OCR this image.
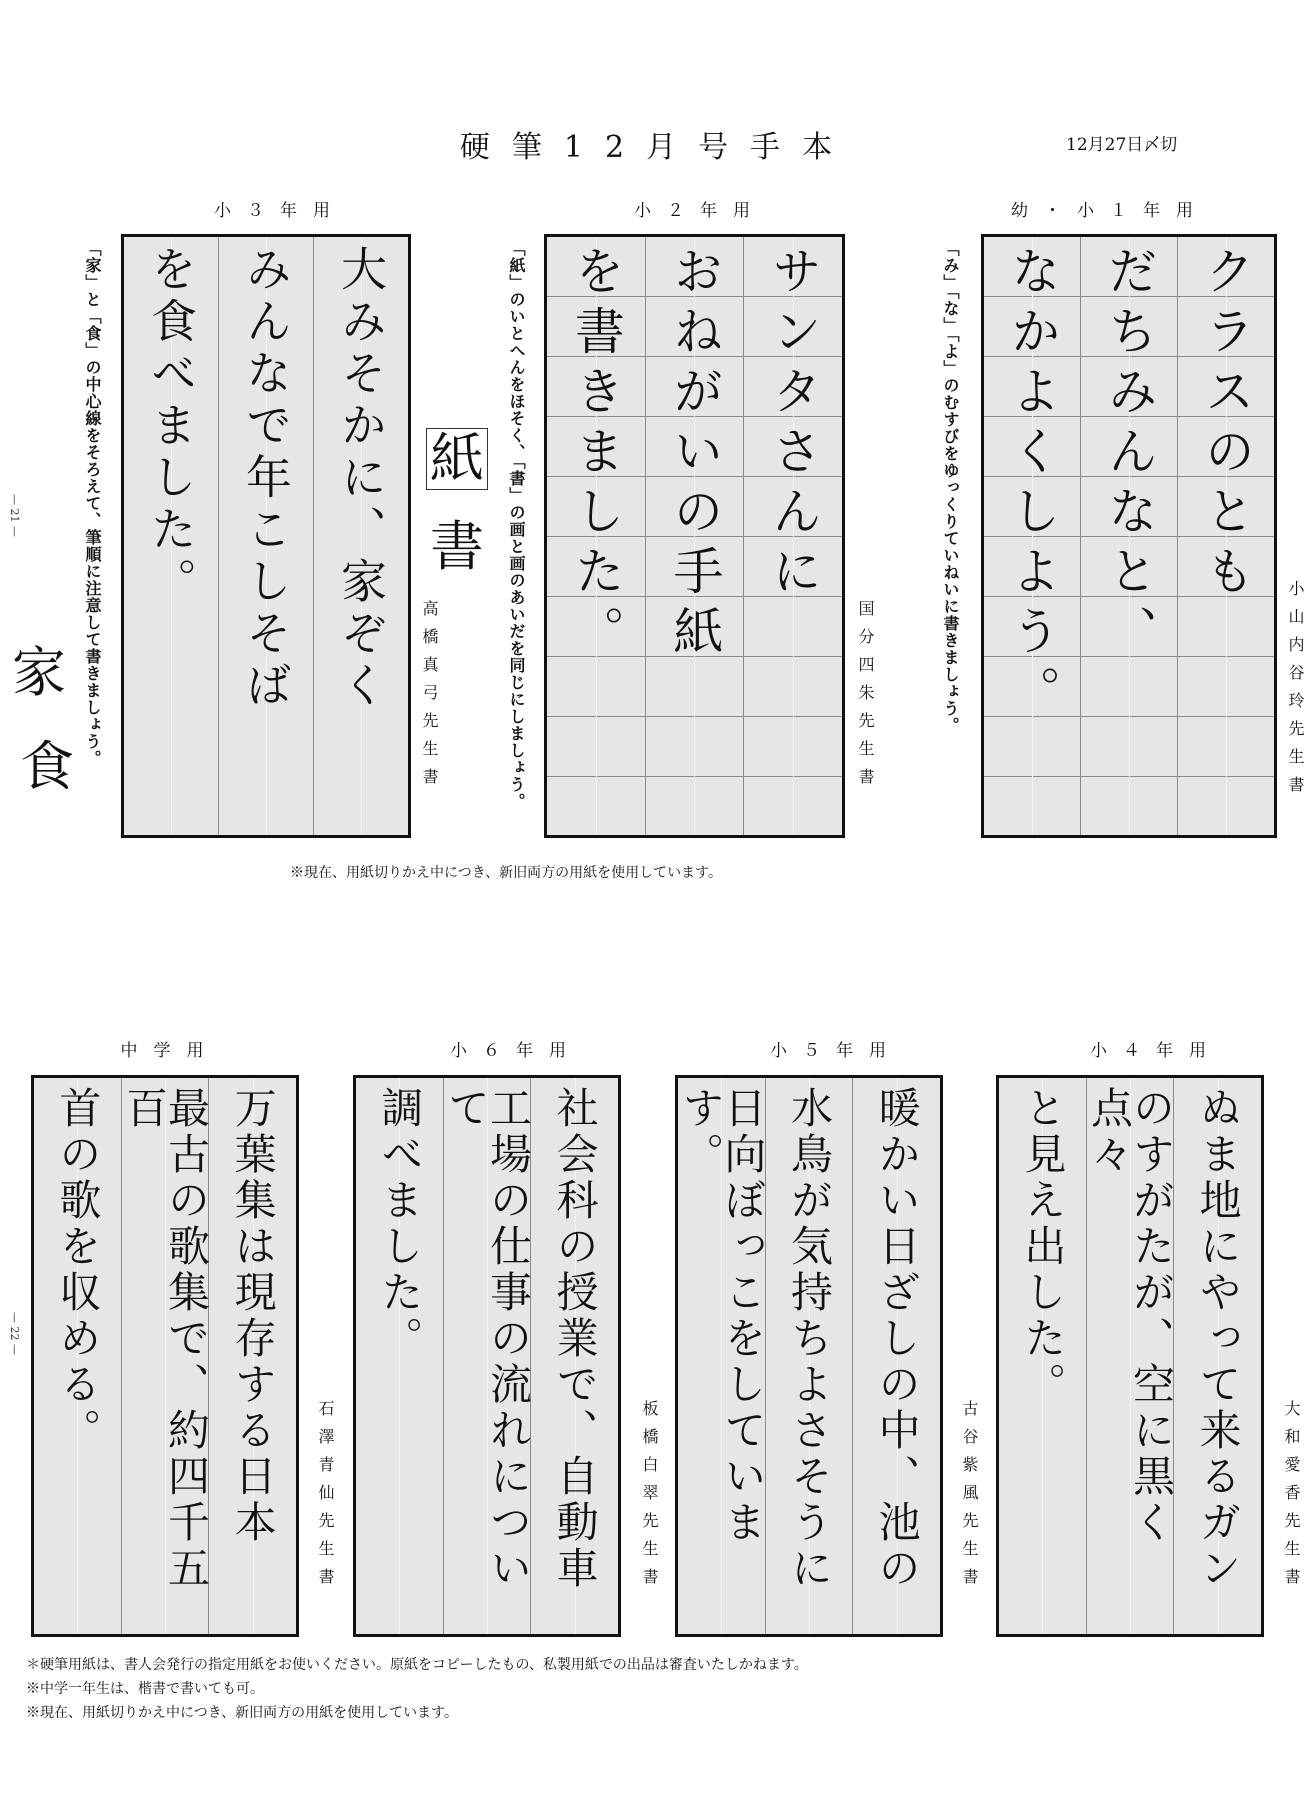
硬筆12月号手本	12月27日〆切
幼・小１年用
クラスのとも
だちみんなと、
なかよくしよう。	小山内谷玲先生書
「み」「な」「よ」のむすびをゆっくりていねいに書きましょう。
小２年用
サンタさんに
おねがいの手紙
を書きました。
国分四朱先生書
「紙」のいとへんをほそく、「書」の画と画のあいだを同じにしましょう。
紙
書
小３年用
大みそかに、家ぞく
みんなで年こしそば
を食べました。
高橋真弓先生書
「家」と「食」の中心線をそろえて、筆順に注意して書きましょう。
家
食
— 21 —
— 22 —
※現在、用紙切りかえ中につき、新旧両方の用紙を使用しています。
小４年用
ぬま地にやって来るガン
のすがたが、空に黒く点々
と見え出した。
大和愛香先生書
小５年用
暖かい日ざしの中、池の
水鳥が気持ちよさそうに
日向ぼっこをしています。
古谷紫風先生書
小６年用
社会科の授業で、自動車
工場の仕事の流れについて
調べました。
板橋白翠先生書
中学用
万葉集は現存する日本
最古の歌集で、約四千五百
首の歌を収める。
石澤青仙先生書
＊硬筆用紙は、書人会発行の指定用紙をお使いください。原紙をコピーしたもの、私製用紙での出品は審査いたしかねます。
※中学一年生は、楷書で書いても可。
※現在、用紙切りかえ中につき、新旧両方の用紙を使用しています。
